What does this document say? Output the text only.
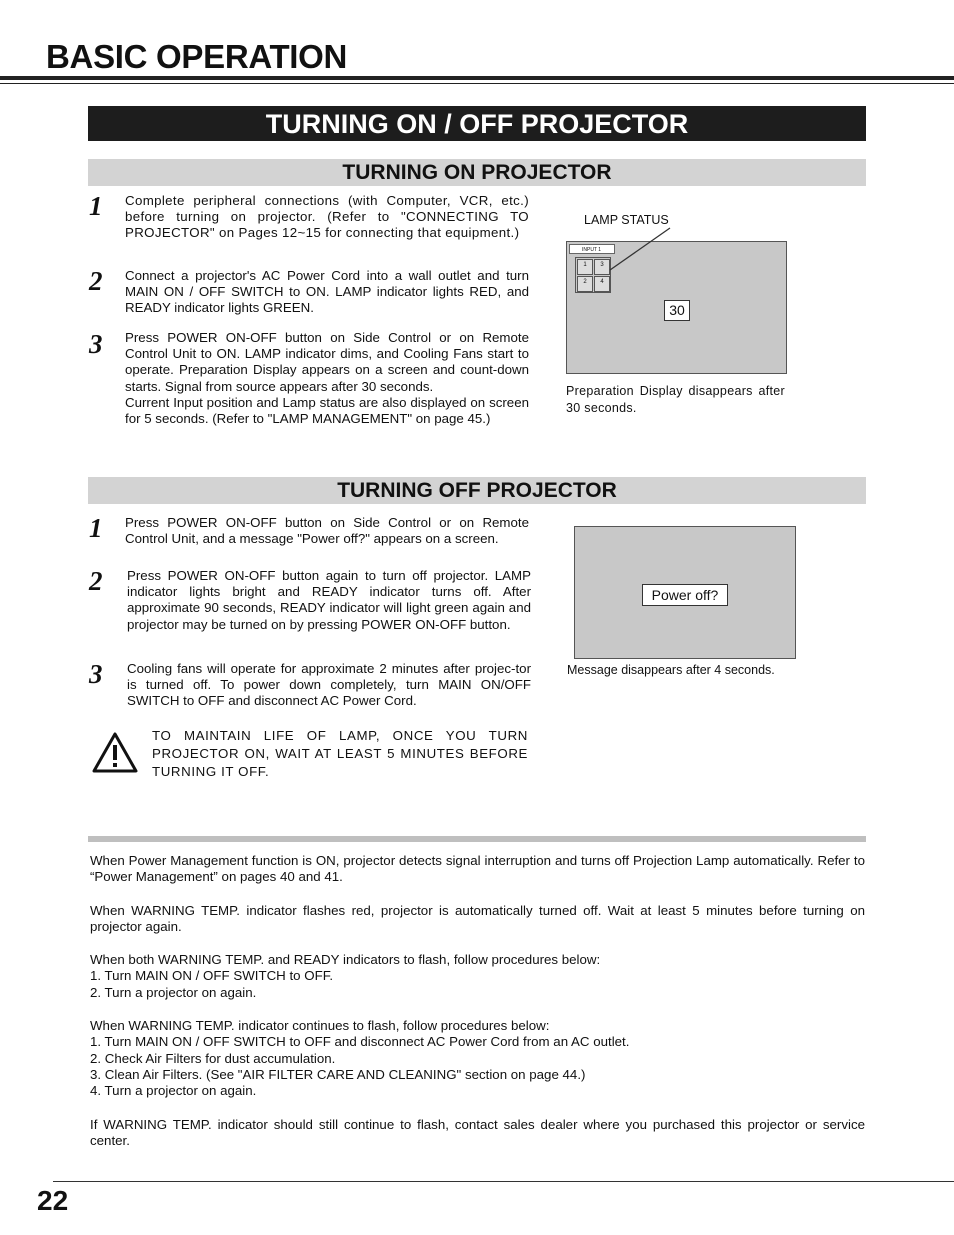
BASIC OPERATION
TURNING ON / OFF PROJECTOR
TURNING ON PROJECTOR
1 Complete peripheral connections (with Computer, VCR, etc.) before turning on projector. (Refer to "CONNECTING TO PROJECTOR" on Pages 12~15 for connecting that equipment.)
2 Connect a projector's AC Power Cord into a wall outlet and turn MAIN ON / OFF SWITCH to ON. LAMP indicator lights RED, and READY indicator lights GREEN.
3 Press POWER ON-OFF button on Side Control or on Remote Control Unit to ON. LAMP indicator dims, and Cooling Fans start to operate. Preparation Display appears on a screen and count-down starts. Signal from source appears after 30 seconds.
Current Input position and Lamp status are also displayed on screen for 5 seconds. (Refer to "LAMP MANAGEMENT" on page 45.)
LAMP STATUS
INPUT 1
1	3
2	4
30
Preparation Display disappears after 30 seconds.
TURNING OFF PROJECTOR
1 Press POWER ON-OFF button on Side Control or on Remote Control Unit, and a message "Power off?" appears on a screen.
2 Press POWER ON-OFF button again to turn off projector. LAMP indicator lights bright and READY indicator turns off. After approximate 90 seconds, READY indicator will light green again and projector may be turned on by pressing POWER ON-OFF button.
3 Cooling fans will operate for approximate 2 minutes after projec-tor is turned off. To power down completely, turn MAIN ON/OFF SWITCH to OFF and disconnect AC Power Cord.
Power off?
Message disappears after 4 seconds.
TO MAINTAIN LIFE OF LAMP, ONCE YOU TURN PROJECTOR ON, WAIT AT LEAST 5 MINUTES BEFORE TURNING IT OFF.

When Power Management function is ON, projector detects signal interruption and turns off Projection Lamp automatically. Refer to “Power Management” on pages 40 and 41.

When WARNING TEMP. indicator flashes red, projector is automatically turned off. Wait at least 5 minutes before turning on projector again.

When both WARNING TEMP. and READY indicators to flash, follow procedures below:
1. Turn MAIN ON / OFF SWITCH to OFF.
2. Turn a projector on again.
When WARNING TEMP. indicator continues to flash, follow procedures below:
1. Turn MAIN ON / OFF SWITCH to OFF and disconnect AC Power Cord from an AC outlet.
2. Check Air Filters for dust accumulation.
3. Clean Air Filters. (See "AIR FILTER CARE AND CLEANING" section on page 44.)
4. Turn a projector on again.

If WARNING TEMP. indicator should still continue to flash, contact sales dealer where you purchased this projector or service center.

22
